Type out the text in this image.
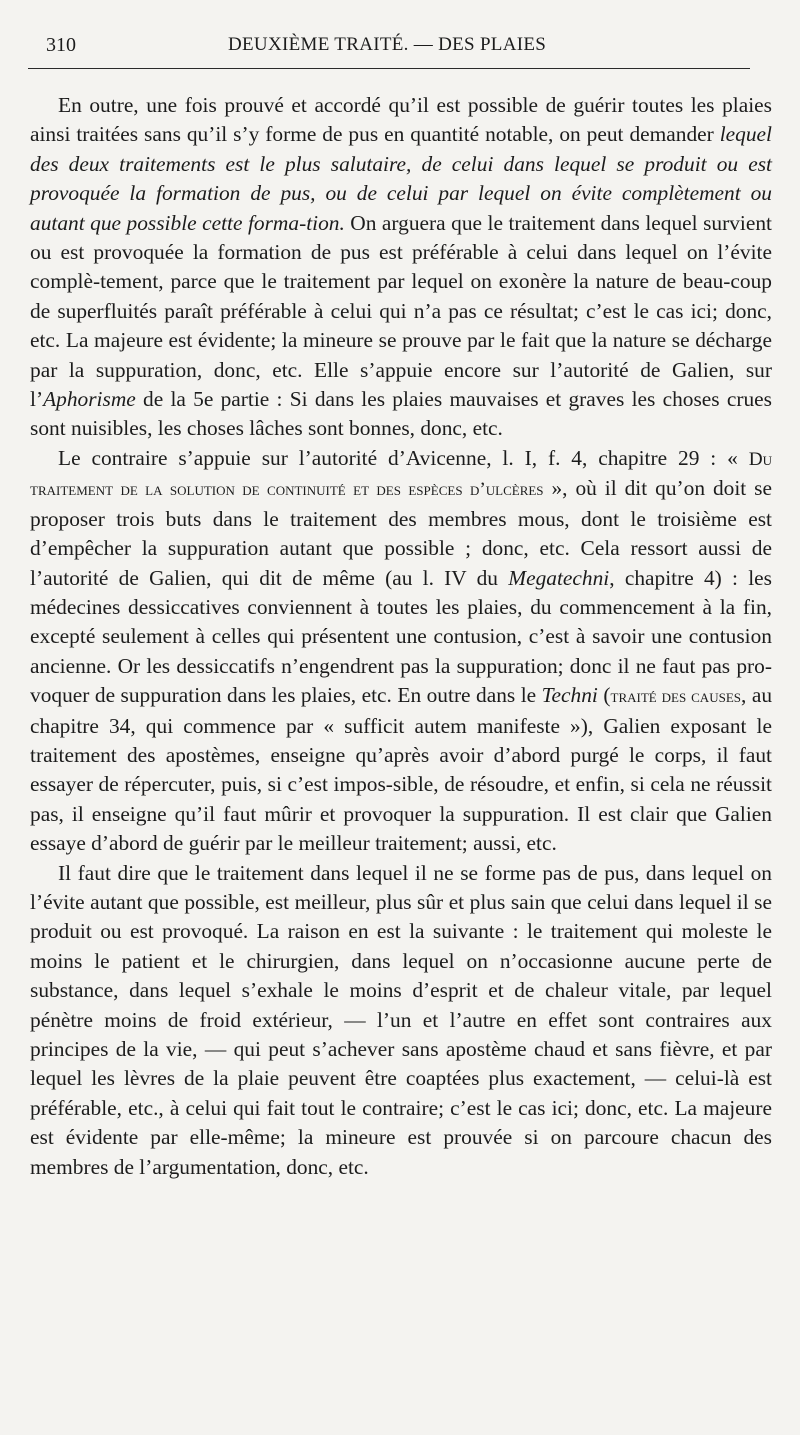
310	DEUXIÈME TRAITÉ. — DES PLAIES

En outre, une fois prouvé et accordé qu’il est possible de guérir toutes les plaies ainsi traitées sans qu’il s’y forme de pus en quantité notable, on peut demander lequel des deux traitements est le plus salutaire, de celui dans lequel se produit ou est provoquée la formation de pus, ou de celui par lequel on évite complètement ou autant que possible cette forma-tion. On arguera que le traitement dans lequel survient ou est provoquée la formation de pus est préférable à celui dans lequel on l’évite complè-tement, parce que le traitement par lequel on exonère la nature de beau-coup de superfluités paraît préférable à celui qui n’a pas ce résultat; c’est le cas ici; donc, etc. La majeure est évidente; la mineure se prouve par le fait que la nature se décharge par la suppuration, donc, etc. Elle s’appuie encore sur l’autorité de Galien, sur l’Aphorisme de la 5e partie : Si dans les plaies mauvaises et graves les choses crues sont nuisibles, les choses lâches sont bonnes, donc, etc.

Le contraire s’appuie sur l’autorité d’Avicenne, l. I, f. 4, chapitre 29 : « Du traitement de la solution de continuité et des espèces d’ulcères », où il dit qu’on doit se proposer trois buts dans le traitement des membres mous, dont le troisième est d’empêcher la suppuration autant que possible ; donc, etc. Cela ressort aussi de l’autorité de Galien, qui dit de même (au l. IV du Megatechni, chapitre 4) : les médecines dessiccatives conviennent à toutes les plaies, du commencement à la fin, excepté seulement à celles qui présentent une contusion, c’est à savoir une contusion ancienne. Or les dessiccatifs n’engendrent pas la suppuration; donc il ne faut pas pro-voquer de suppuration dans les plaies, etc. En outre dans le Techni (traité des causes, au chapitre 34, qui commence par « sufficit autem manifeste »), Galien exposant le traitement des apostèmes, enseigne qu’après avoir d’abord purgé le corps, il faut essayer de répercuter, puis, si c’est impos-sible, de résoudre, et enfin, si cela ne réussit pas, il enseigne qu’il faut mûrir et provoquer la suppuration. Il est clair que Galien essaye d’abord de guérir par le meilleur traitement; aussi, etc.

Il faut dire que le traitement dans lequel il ne se forme pas de pus, dans lequel on l’évite autant que possible, est meilleur, plus sûr et plus sain que celui dans lequel il se produit ou est provoqué. La raison en est la suivante : le traitement qui moleste le moins le patient et le chirurgien, dans lequel on n’occasionne aucune perte de substance, dans lequel s’exhale le moins d’esprit et de chaleur vitale, par lequel pénètre moins de froid extérieur, — l’un et l’autre en effet sont contraires aux principes de la vie, — qui peut s’achever sans apostème chaud et sans fièvre, et par lequel les lèvres de la plaie peuvent être coaptées plus exactement, — celui-là est préférable, etc., à celui qui fait tout le contraire; c’est le cas ici; donc, etc. La majeure est évidente par elle-même; la mineure est prouvée si on parcoure chacun des membres de l’argumentation, donc, etc.
